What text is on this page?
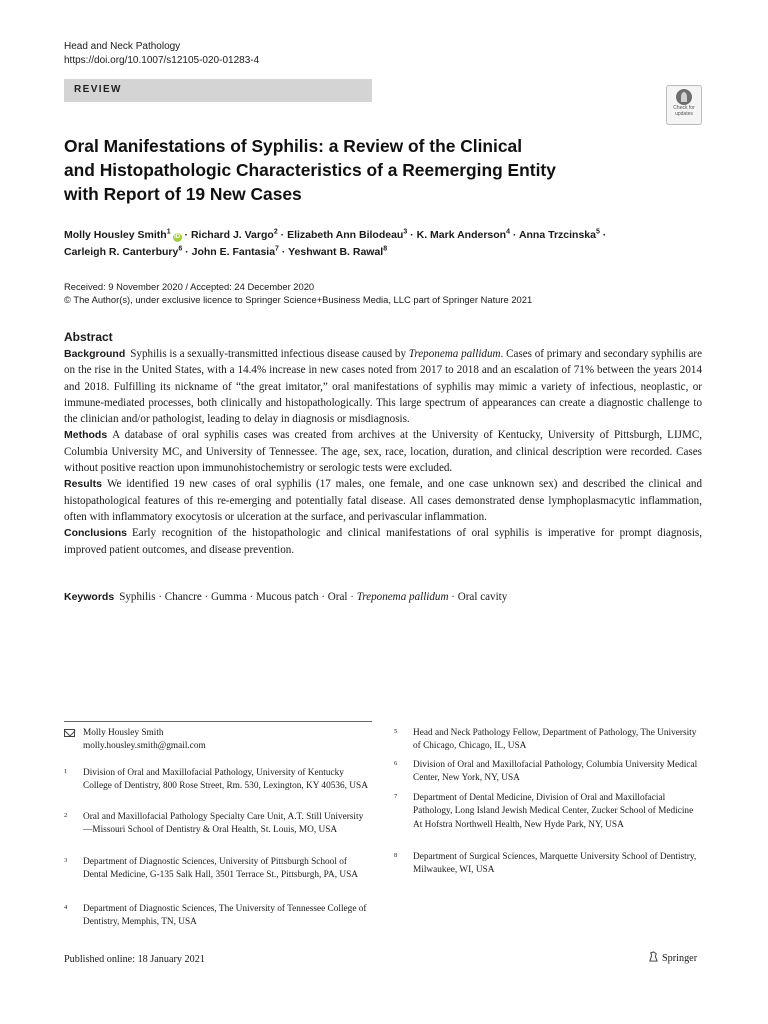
Head and Neck Pathology
https://doi.org/10.1007/s12105-020-01283-4
REVIEW
Check for
updates
Oral Manifestations of Syphilis: a Review of the Clinical
and Histopathologic Characteristics of a Reemerging Entity
with Report of 19 New Cases
Molly Housley Smith$^1$iD · Richard J. Vargo$^2$ · Elizabeth Ann Bilodeau$^3$ · K. Mark Anderson$^4$ · Anna Trzcinska$^5$ ·
Carleigh R. Canterbury$^6$ · John E. Fantasia$^7$ · Yeshwant B. Rawal$^8$
Received: 9 November 2020 / Accepted: 24 December 2020
© The Author(s), under exclusive licence to Springer Science+Business Media, LLC part of Springer Nature 2021
Abstract

Background Syphilis is a sexually-transmitted infectious disease caused by Treponema pallidum. Cases of primary and secondary syphilis are on the rise in the United States, with a 14.4% increase in new cases noted from 2017 to 2018 and an escalation of 71% between the years 2014 and 2018. Fulfilling its nickname of “the great imitator,” oral manifestations of syphilis may mimic a variety of infectious, neoplastic, or immune-mediated processes, both clinically and histopathologically. This large spectrum of appearances can create a diagnostic challenge to the clinician and/or pathologist, leading to delay in diagnosis or misdiagnosis.

Methods A database of oral syphilis cases was created from archives at the University of Kentucky, University of Pittsburgh, LIJMC, Columbia University MC, and University of Tennessee. The age, sex, race, location, duration, and clinical description were recorded. Cases without positive reaction upon immunohistochemistry or serologic tests were excluded.

Results We identified 19 new cases of oral syphilis (17 males, one female, and one case unknown sex) and described the clinical and histopathological features of this re-emerging and potentially fatal disease. All cases demonstrated dense lymphoplasmacytic inflammation, often with inflammatory exocytosis or ulceration at the surface, and perivascular inflammation.

Conclusions Early recognition of the histopathologic and clinical manifestations of oral syphilis is imperative for prompt diagnosis, improved patient outcomes, and disease prevention.

Keywords Syphilis · Chancre · Gumma · Mucous patch · Oral · Treponema pallidum · Oral cavity
Molly Housley Smith
molly.housley.smith@gmail.com
1 Division of Oral and Maxillofacial Pathology, University of Kentucky College of Dentistry, 800 Rose Street, Rm. 530, Lexington, KY 40536, USA
2 Oral and Maxillofacial Pathology Specialty Care Unit, A.T. Still University—Missouri School of Dentistry & Oral Health, St. Louis, MO, USA
3 Department of Diagnostic Sciences, University of Pittsburgh School of Dental Medicine, G-135 Salk Hall, 3501 Terrace St., Pittsburgh, PA, USA
4 Department of Diagnostic Sciences, The University of Tennessee College of Dentistry, Memphis, TN, USA
5 Head and Neck Pathology Fellow, Department of Pathology, The University of Chicago, Chicago, IL, USA
6 Division of Oral and Maxillofacial Pathology, Columbia University Medical Center, New York, NY, USA
7 Department of Dental Medicine, Division of Oral and Maxillofacial Pathology, Long Island Jewish Medical Center, Zucker School of Medicine At Hofstra Northwell Health, New Hyde Park, NY, USA
8 Department of Surgical Sciences, Marquette University School of Dentistry, Milwaukee, WI, USA
Published online: 18 January 2021	Springer
